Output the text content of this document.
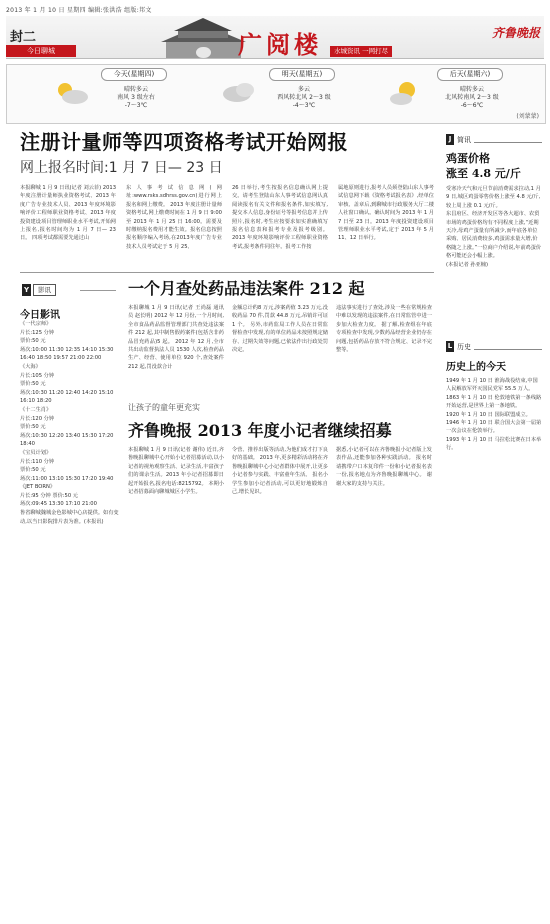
2013 年 1 月 10 日 星期四 编辑:张洪浩 组版:邦文
封二
今日聊城	广阅楼	水城资讯 一网打尽
齐鲁晚报
今天(星期四)
晴转多云
南风 3 级左右
-7～3℃
明天(星期五)
多云
西风转北风 2～3 级
-4～3℃
后天(星期六)
晴转多云
北风转南风 2～3 级
-6～6℃
(刘蒙蒙)
注册计量师等四项资格考试开始网报
网上报名时间:1 月 7 日— 23 日
本报聊城 1 月 9 日讯(记者 刘云菲) 2013 年度注册计量师执业资格考试、2013 年度广告专业技术人员、2013 年度环境影响评价工程师职业资格考试、2013 年度投资建设项目管理师职业水平考试,开始网上报名,报名时间均为 1 月 7 日— 23 日。 四项考试都需要先通过山
东人事考试信息网(网址:www.rsks.sdhrss.gov.cn)进行网上报名和网上缴费。 2013 年度注册计量师资格考试,网上缴费时间在 1 月 9 日 9:00 至 2013 年 1 月 25 日 16:00。需要及时缴纳报名费用才能生效。报名信息按照报名顺序编入考场,在2013年度广告专业技术人员考试定于 5 月 25、
26 日举行,考生按报名信息确认网上提交。请考生登陆山东人事考试信息网认真阅读报名有关文件和报名条件,如实填写,提交本人信息,身份证号等报考信息并上传照片,报名时,考生应按要求如实准确填写报名信息表和报考专业及报考级别。 2013 年度环境影响评价工程师职业资格考试,报考条件同往年。报考工作按
属地原则进行,报考人员须登陆山东人事考试信息网下载《资格考试报名表》,经单位审核、盖章后,到聊城市行政服务大厅二楼人社窗口确认。确认时间为 2013 年 1 月 7 日至 23 日。2013 年度投资建设项目管理师职业水平考试,定于 2013 年 5 月 11、12 日举行。
J 简讯
鸡蛋价格
涨至 4.8 元/斤
受寒冷天气和元旦节前消费需求拉动,1 月 9 日,城区鸡蛋零售价格上涨至 4.8 元/斤,较上周上涨 0.1 元/斤。
东昌府区、经济开发区等各大超市、农贸市场的鸡蛋价格均有不同程度上涨,“近期天冷,母鸡产蛋量有所减少,而年底各单位采购、居民消费较多,鸡蛋需求量大增,价格随之上涨。”一位商户介绍说,年前鸡蛋价格可能还会小幅上涨。
(本报记者 孙亚楠)
L 历史
历史上的今天
1949 年 1 月 10 日 淮海战役结束,中国人民解放军歼灭国民党军 55.5 万人。
1863 年 1 月 10 日 伦敦地铁第一条线路开始运营,是世界上第一条地铁。
1920 年 1 月 10 日 国际联盟成立。
1946 年 1 月 10 日 联合国大会第一届第一次会议在伦敦举行。
1993 年 1 月 10 日 马拉松比赛在日本举行。
一个月查处药品违法案件 212 起
本报聊城 1 月 9 日讯(记者 王尚磊 通讯员 赵长明) 2012 年 12 月份,一个月时间,全市食品药品监督管理部门共查处违法案件 212 起,其中制售假药案件(包括含非药品冒充药品)5 起。 2012 年 12 月,全市共出动监督执法人员 1530 人次,检查药品生产、经营、使用单位 920 个,查处案件 212 起,罚没款合计
金额总计约8 万元,涉案药值 3.23 万元,没收药品 70 件,罚款 44.8 万元,吊销许可证 1 个。 另外,市药监局工作人员在日常监督检查中发现,有的单位药品未按照规定储存、过期失效等问题,已依法作出行政处罚决定。
违法事实进行了查处,涉及一些在常规检查中难以发现的违法案件,在日常监管中进一步加大检查力度。 据了解,检查组在年底专项检查中发现,少数药品经营企业仍存在问题,包括药品存放不符合规定、记录不完整等。
Y	影讯
今日影讯
《一代宗师》
片长:125 分钟
票价:50 元
场次:10:00 11:30 12:35 14:10 15:30 16:40 18:50 19:57 21:00 22:00
《大海》
片长:105 分钟
票价:50 元
场次:10:30 11:20 12:40 14:20 15:10 16:10 18:20
《十二生肖》
片长:120 分钟
票价:50 元
场次:10:30 12:20 13:40 15:30 17:20 18:40
《宝贝计划》
片长:110 分钟
票价:50 元
场次:11:00 13:10 15:30 17:20 19:40
《JET BORN》
片长:95 分钟 票价:50 元
场次:09:45 13:30 17:10 21:00
鲁省聊城魏城金色影城中心店提供。如有变动,以当日影院排片表为准。(本报讯)
让孩子的童年更充实
齐鲁晚报 2013 年度小记者继续招募
本报聊城 1 月 9 日讯(记者 谢伟) 近日,齐鲁晚报聊城中心开始小记者招募活动,以小记者的视角观察生活、记录生活,丰富孩子们的课余生活。2013 年小记者招募即日起开始报名,报名电话:8215792。 本期小记者招募面向聊城城区小学生。
令营、推荐出版等活动,为他们成才打下良好的基础。 2013 年,更多精彩活动将在齐鲁晚报聊城中心小记者群体中展开,让更多小记者参与实践、丰富童年生活。 报名小学生参加小记者活动,可以更好地锻炼自己,增长见识。
据悉,小记者可以在齐鲁晚报小记者版上发表作品,还能参加各种实践活动。 报名时请携带户口本复印件一份和小记者报名表一份,报名地点为齐鲁晚报聊城中心。 谢谢大家的支持与关注。
